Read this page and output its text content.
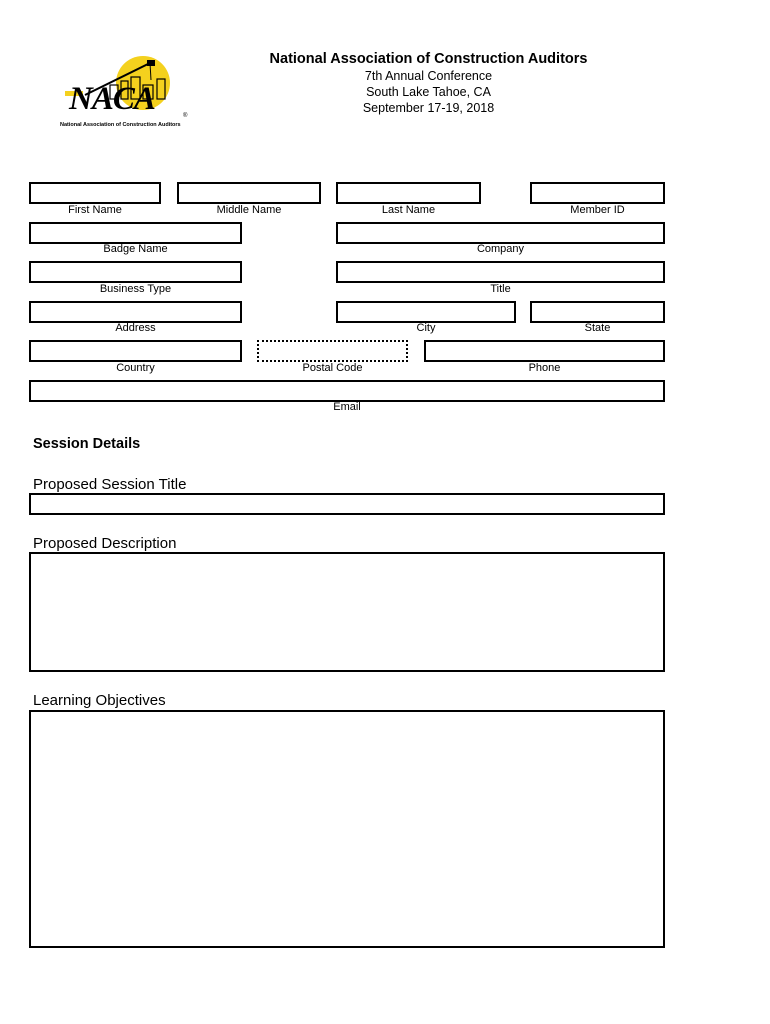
NACA	®
National Association of Construction Auditors
National Association of Construction Auditors
7th Annual Conference
South Lake Tahoe, CA
September 17-19, 2018
First Name	Middle Name	Last Name	Member ID
Badge Name	Company
Business Type	Title
Address	City	State
Country	Postal Code	Phone
Email
Session Details
Proposed Session Title
Proposed Description
Learning Objectives
